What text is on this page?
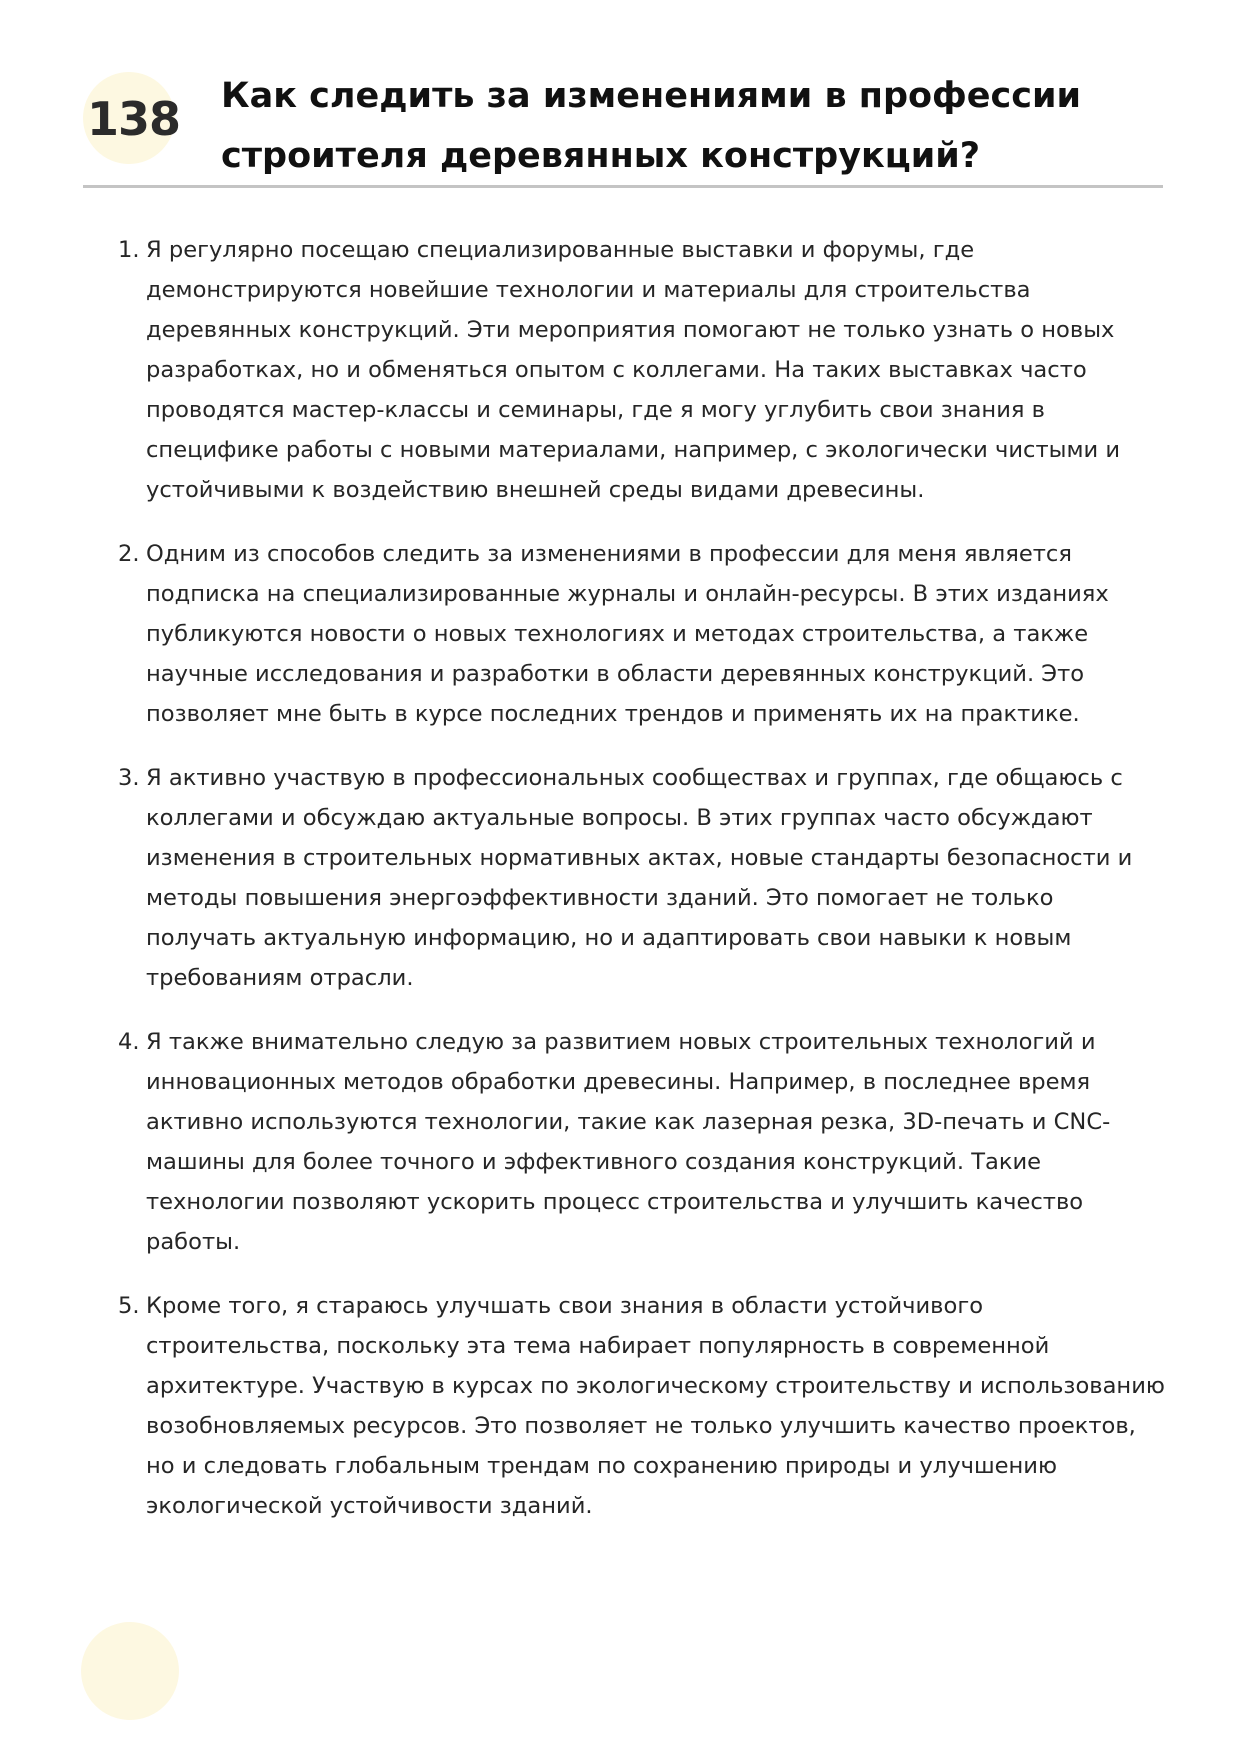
138 Как следить за изменениями в профессии
строителя деревянных конструкций?
1. Я регулярно посещаю специализированные выставки и форумы, где демонстрируются новейшие технологии и материалы для строительства деревянных конструкций. Эти мероприятия помогают не только узнать о новых разработках, но и обменяться опытом с коллегами. На таких выставках часто проводятся мастер-классы и семинары, где я могу углубить свои знания в специфике работы с новыми материалами, например, с экологически чистыми и устойчивыми к воздействию внешней среды видами древесины.
2. Одним из способов следить за изменениями в профессии для меня является подписка на специализированные журналы и онлайн-ресурсы. В этих изданиях публикуются новости о новых технологиях и методах строительства, а также научные исследования и разработки в области деревянных конструкций. Это позволяет мне быть в курсе последних трендов и применять их на практике.
3. Я активно участвую в профессиональных сообществах и группах, где общаюсь с коллегами и обсуждаю актуальные вопросы. В этих группах часто обсуждают изменения в строительных нормативных актах, новые стандарты безопасности и методы повышения энергоэффективности зданий. Это помогает не только получать актуальную информацию, но и адаптировать свои навыки к новым требованиям отрасли.
4. Я также внимательно следую за развитием новых строительных технологий и инновационных методов обработки древесины. Например, в последнее время активно используются технологии, такие как лазерная резка, 3D-печать и CNC-машины для более точного и эффективного создания конструкций. Такие технологии позволяют ускорить процесс строительства и улучшить качество работы.
5. Кроме того, я стараюсь улучшать свои знания в области устойчивого строительства, поскольку эта тема набирает популярность в современной архитектуре. Участвую в курсах по экологическому строительству и использованию возобновляемых ресурсов. Это позволяет не только улучшить качество проектов, но и следовать глобальным трендам по сохранению природы и улучшению экологической устойчивости зданий.
